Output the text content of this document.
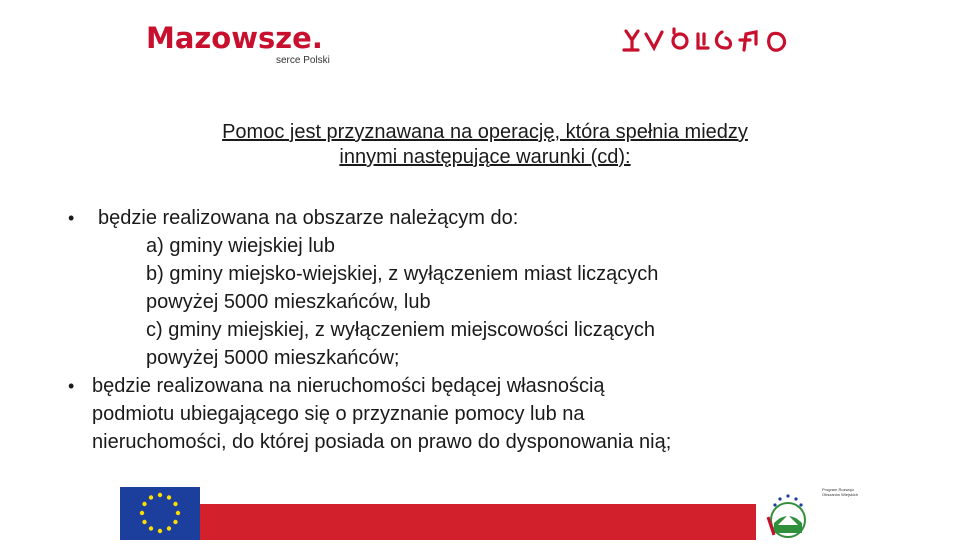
Mazowsze.
serce Polski
Pomoc jest przyznawana na operację, która spełnia miedzy
innymi następujące warunki (cd):
• będzie realizowana na obszarze należącym do:
a) gminy wiejskiej lub
b) gminy miejsko-wiejskiej, z wyłączeniem miast liczących
powyżej 5000 mieszkańców, lub
c) gminy miejskiej, z wyłączeniem miejscowości liczących
powyżej 5000 mieszkańców;
• będzie realizowana na nieruchomości będącej własnością
podmiotu ubiegającego się o przyznanie pomocy lub na
nieruchomości, do której posiada on prawo do dysponowania nią;
Program Rozwoju Obszarów Wiejskich
